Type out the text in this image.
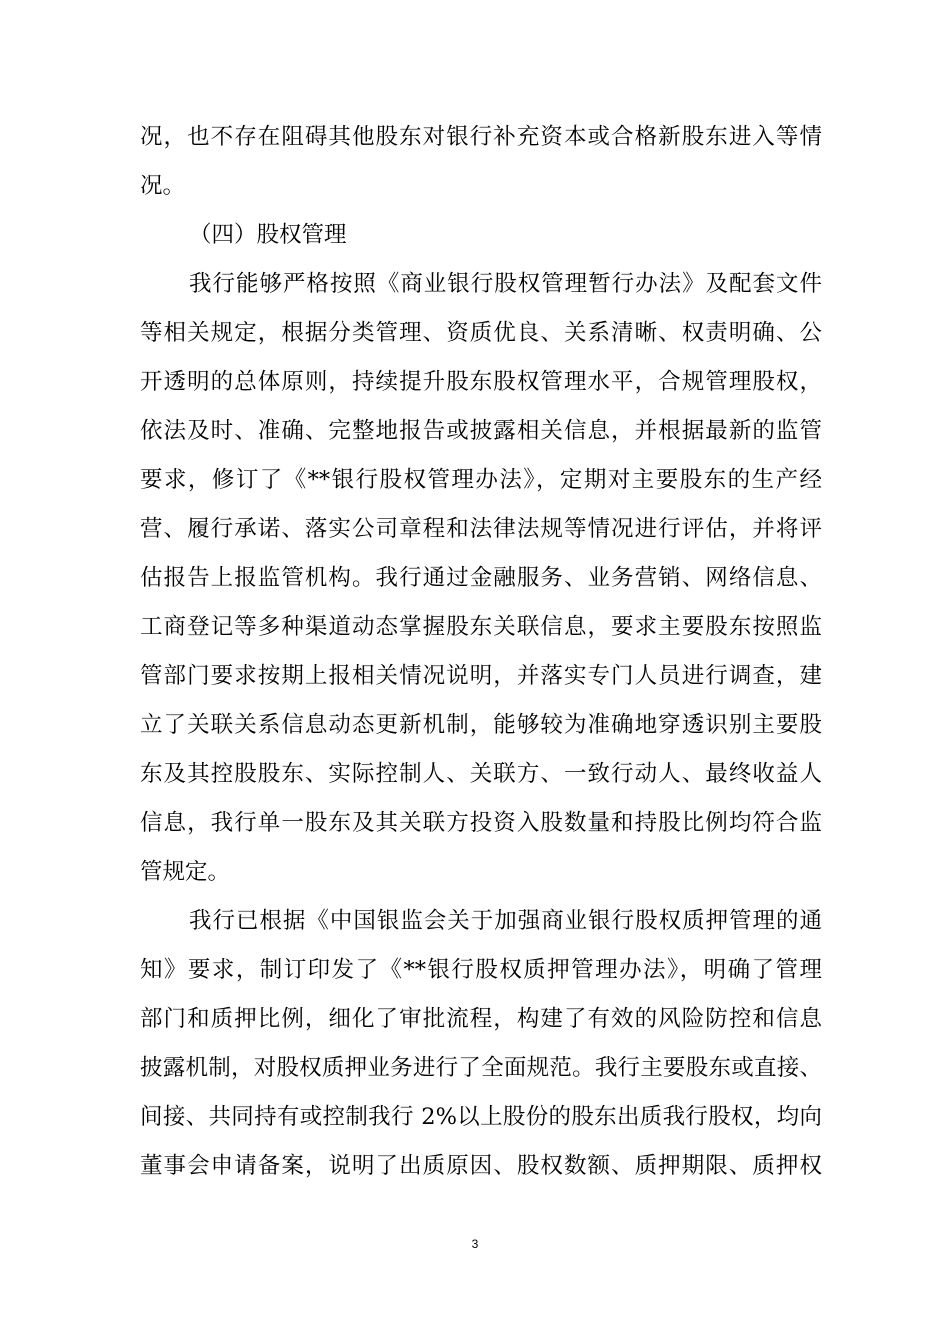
况，也不存在阻碍其他股东对银行补充资本或合格新股东进入等情
况。
（四）股权管理
我行能够严格按照《商业银行股权管理暂行办法》及配套文件
等相关规定，根据分类管理、资质优良、关系清晰、权责明确、公
开透明的总体原则，持续提升股东股权管理水平，合规管理股权，
依法及时、准确、完整地报告或披露相关信息，并根据最新的监管
要求，修订了《**银行股权管理办法》，定期对主要股东的生产经
营、履行承诺、落实公司章程和法律法规等情况进行评估，并将评
估报告上报监管机构。我行通过金融服务、业务营销、网络信息、
工商登记等多种渠道动态掌握股东关联信息，要求主要股东按照监
管部门要求按期上报相关情况说明，并落实专门人员进行调查，建
立了关联关系信息动态更新机制，能够较为准确地穿透识别主要股
东及其控股股东、实际控制人、关联方、一致行动人、最终收益人
信息，我行单一股东及其关联方投资入股数量和持股比例均符合监
管规定。
我行已根据《中国银监会关于加强商业银行股权质押管理的通
知》要求，制订印发了《**银行股权质押管理办法》，明确了管理
部门和质押比例，细化了审批流程，构建了有效的风险防控和信息
披露机制，对股权质押业务进行了全面规范。我行主要股东或直接、
间接、共同持有或控制我行 2%以上股份的股东出质我行股权，均向
董事会申请备案，说明了出质原因、股权数额、质押期限、质押权
3
